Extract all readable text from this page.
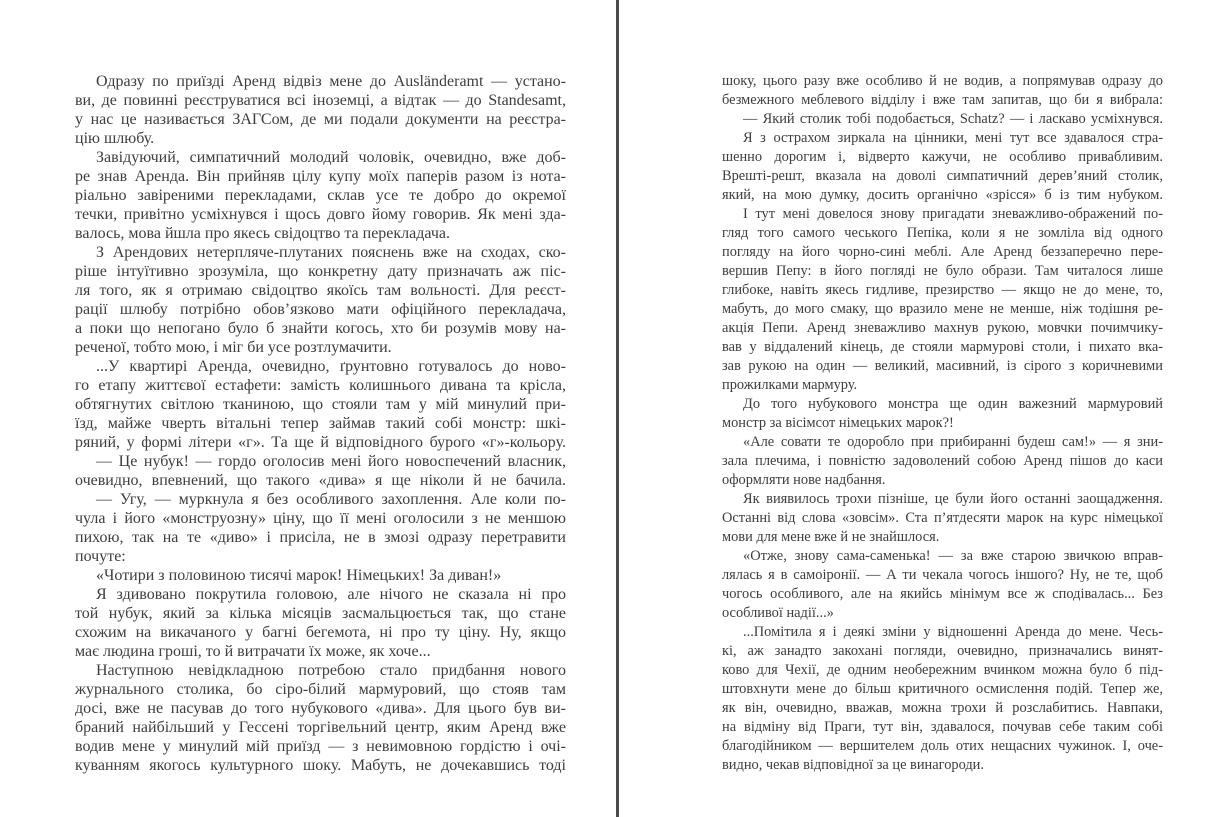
Одразу по приїзді Аренд відвіз мене до Ausländeramt — устано-
ви, де повинні реєструватися всі іноземці, а відтак — до Standesamt,
у нас це називається ЗАГСом, де ми подали документи на реєстра-
цію шлюбу.
Завідуючий, симпатичний молодий чоловік, очевидно, вже доб-
ре знав Аренда. Він прийняв цілу купу моїх паперів разом із нота-
ріально завіреними перекладами, склав усе те добро до окремої
течки, привітно усміхнувся і щось довго йому говорив. Як мені зда-
валось, мова йшла про якесь свідоцтво та перекладача.
З Арендових нетерпляче-плутаних пояснень вже на сходах, ско-
ріше інтуїтивно зрозуміла, що конкретну дату призначать аж піс-
ля того, як я отримаю свідоцтво якоїсь там вольності. Для реєст-
рації шлюбу потрібно обов’язково мати офіційного перекладача,
а поки що непогано було б знайти когось, хто би розумів мову на-
реченої, тобто мою, і міг би усе розтлумачити.
...У квартирі Аренда, очевидно, ґрунтовно готувалось до ново-
го етапу життєвої естафети: замість колишнього дивана та крісла,
обтягнутих світлою тканиною, що стояли там у мій минулий при-
їзд, майже чверть вітальні тепер займав такий собі монстр: шкі-
ряний, у формі літери «г». Та ще й відповідного бурого «г»-кольору.
— Це нубук! — гордо оголосив мені його новоспечений власник,
очевидно, впевнений, що такого «дива» я ще ніколи й не бачила.
— Угу, — муркнула я без особливого захоплення. Але коли по-
чула і його «монструозну» ціну, що її мені оголосили з не меншою
пихою, так на те «диво» і присіла, не в змозі одразу перетравити
почуте:
«Чотири з половиною тисячі марок! Німецьких! За диван!»
Я здивовано покрутила головою, але нічого не сказала ні про
той нубук, який за кілька місяців засмальцюється так, що стане
схожим на викачаного у багні бегемота, ні про ту ціну. Ну, якщо
має людина гроші, то й витрачати їх може, як хоче...
Наступною невідкладною потребою стало придбання нового
журнального столика, бо сіро-білий мармуровий, що стояв там
досі, вже не пасував до того нубукового «дива». Для цього був ви-
браний найбільший у Гессені торгівельний центр, яким Аренд вже
водив мене у минулий мій приїзд — з невимовною гордістю і очі-
куванням якогось культурного шоку. Мабуть, не дочекавшись тоді
шоку, цього разу вже особливо й не водив, а попрямував одразу до
безмежного меблевого відділу і вже там запитав, що би я вибрала:
— Який столик тобі подобається, Schatz? — і ласкаво усміхнувся.
Я з острахом зиркала на цінники, мені тут все здавалося стра-
шенно дорогим і, відверто кажучи, не особливо привабливим.
Врешті-решт, вказала на доволі симпатичний дерев’яний столик,
який, на мою думку, досить органічно «зрісся» б із тим нубуком.
І тут мені довелося знову пригадати зневажливо-ображений по-
гляд того самого чеського Пепіка, коли я не зомліла від одного
погляду на його чорно-сині меблі. Але Аренд беззаперечно пере-
вершив Пепу: в його погляді не було образи. Там читалося лише
глибоке, навіть якесь гидливе, презирство — якщо не до мене, то,
мабуть, до мого смаку, що вразило мене не менше, ніж тодішня ре-
акція Пепи. Аренд зневажливо махнув рукою, мовчки почимчику-
вав у віддалений кінець, де стояли мармурові столи, і пихато вка-
зав рукою на один — великий, масивний, із сірого з коричневими
прожилками мармуру.
До того нубукового монстра ще один важезний мармуровий
монстр за вісімсот німецьких марок?!
«Але совати те одоробло при прибиранні будеш сам!» — я зни-
зала плечима, і повністю задоволений собою Аренд пішов до каси
оформляти нове надбання.
Як виявилось трохи пізніше, це були його останні заощадження.
Останні від слова «зовсім». Ста п’ятдесяти марок на курс німецької
мови для мене вже й не знайшлося.
«Отже, знову сама-саменька! — за вже старою звичкою вправ-
лялась я в самоіронії. — А ти чекала чогось іншого? Ну, не те, щоб
чогось особливого, але на якийсь мінімум все ж сподівалась... Без
особливої надії...»
...Помітила я і деякі зміни у відношенні Аренда до мене. Чесь-
кі, аж занадто закохані погляди, очевидно, призначались винят-
ково для Чехії, де одним необережним вчинком можна було б під-
штовхнути мене до більш критичного осмислення подій. Тепер же,
як він, очевидно, вважав, можна трохи й розслабитись. Навпаки,
на відміну від Праги, тут він, здавалося, почував себе таким собі
благодійником — вершителем доль отих нещасних чужинок. І, оче-
видно, чекав відповідної за це винагороди.
